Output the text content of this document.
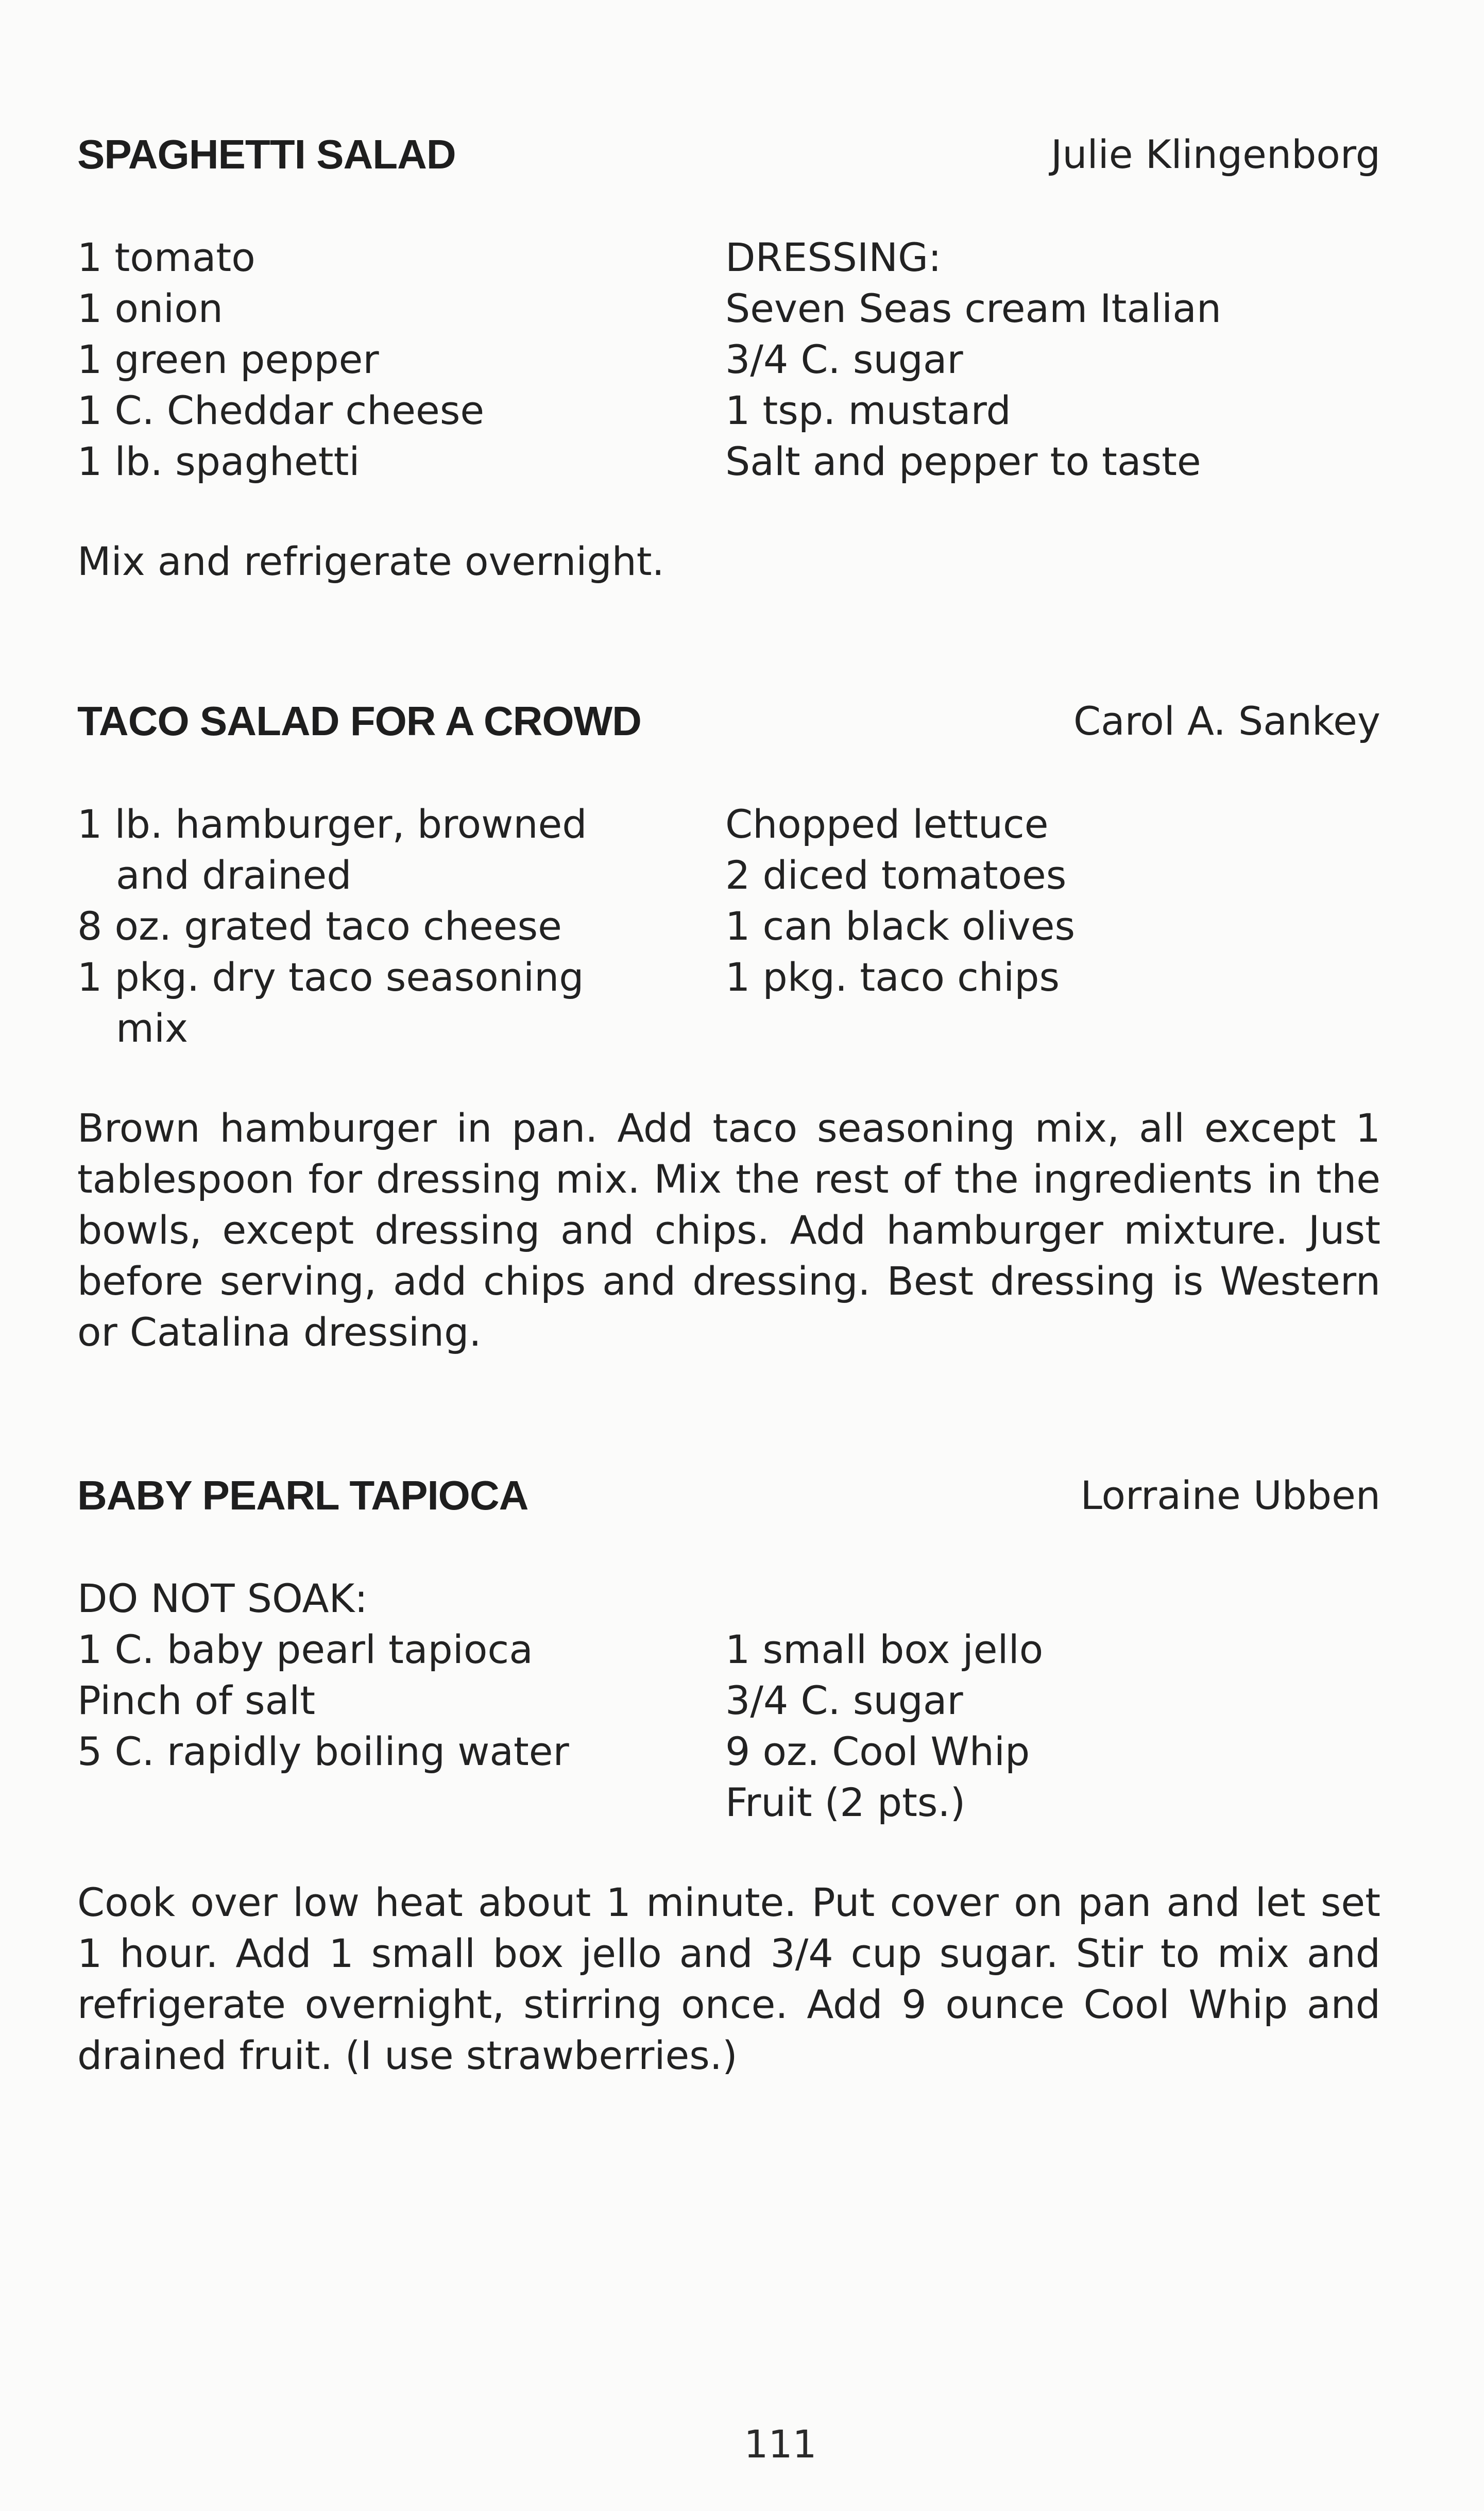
SPAGHETTI SALAD	Julie Klingenborg
1 tomato
1 onion
1 green pepper
1 C. Cheddar cheese
1 lb. spaghetti
DRESSING:
Seven Seas cream Italian
3/4 C. sugar
1 tsp. mustard
Salt and pepper to taste
Mix and refrigerate overnight.
TACO SALAD FOR A CROWD	Carol A. Sankey
1 lb. hamburger, browned
and drained
8 oz. grated taco cheese
1 pkg. dry taco seasoning
mix
Chopped lettuce
2 diced tomatoes
1 can black olives
1 pkg. taco chips
Brown hamburger in pan. Add taco seasoning mix, all except 1 tablespoon for dressing mix. Mix the rest of the ingredients in the bowls, except dressing and chips. Add hamburger mixture. Just before serving, add chips and dressing. Best dressing is Western or Catalina dressing.
BABY PEARL TAPIOCA	Lorraine Ubben
DO NOT SOAK:
1 C. baby pearl tapioca
Pinch of salt
5 C. rapidly boiling water

1 small box jello
3/4 C. sugar
9 oz. Cool Whip
Fruit (2 pts.)
Cook over low heat about 1 minute. Put cover on pan and let set 1 hour. Add 1 small box jello and 3/4 cup sugar. Stir to mix and refrigerate overnight, stirring once. Add 9 ounce Cool Whip and drained fruit. (I use strawberries.)
111
